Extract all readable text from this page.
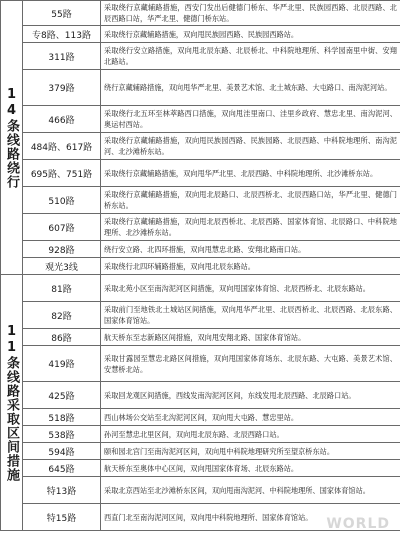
14条线路绕行	55路	采取绕行京藏辅路措施，西安门发出后健德门桥东、华严北里、民族园西路、北辰西路、北辰西路口站，华严北里、健德门桥东站。
	专8路、113路	采取绕行京藏辅路措施，双向甩民族园西路、民族园西路站。
	311路	采取绕行安立路措施，双向甩北辰东路、北辰桥北、中科院地理所、科学园南里中街、安翔北路站。
	379路	绕行京藏辅路措施，双向甩华严北里、美景艺术馆、北土城东路、大屯路口、南沟泥河站。
	466路	采取绕行北五环至林萃路西口措施，双向甩洼里南口、洼里乡政府、慧忠北里、南沟泥河、奥运村西站。
	484路、617路	采取绕行京藏辅路措施，双向甩民族园西路、民族园路、北辰西路、中科院地理所、南沟泥河、北沙滩桥东站。
	695路、751路	采取绕行京藏辅路措施，双向甩华严北里、北辰西路、中科院地理所、北沙滩桥东站。
	510路	采取绕行京藏辅路措施，双向甩北辰路口、北辰西桥北、北辰西路口站，华严北里、健德门桥东站。
	607路	采取绕行京藏辅路措施，双向甩北辰西桥北、北辰西路、国家体育馆、北辰路口、中科院地理所、北沙滩桥东站。
	928路	绕行安立路、北四环措施，双向甩慧忠北路、安翔北路南口站。
	观光3线	采取绕行北四环辅路措施，双向甩北辰东路站。
11条线路采取区间措施	81路	采取北苑小区至南沟泥河区间措施，双向甩国家体育馆、北辰西桥北、北辰东路站。
	82路	采取前门至地铁北土城站区间措施，双向甩华严北里、北辰西桥北、北辰西路、北辰东路、国家体育馆站。
	86路	航天桥东至志新路区间措施，双向甩安翔北路、国家体育馆站。
	419路	采取甘露园至慧忠北路区间措施，双向甩国家体育场东、北辰东路、大屯路、美景艺术馆、安慧桥北站。
	425路	采取回龙观区间措施，西线发南沟泥河区间，东线发甩北辰西路、北辰路口站。
	518路	西山林场公交站至北沟泥河区间，双向甩大屯路、慧忠里站。
	538路	孙河至慧忠北里区间，双向甩北辰东路、北辰西路口站。
	594路	颐和园北宫门至南沟泥河区间，双向甩中科院地理研究所至望京桥东站。
	645路	航天桥东至奥体中心区间，双向甩国家体育场、北辰东路站。
	特13路	采取北京西站至北沙滩桥东区间，双向甩南沟泥河、中科院地理所、国家体育馆站。
	特15路	西直门北至南沟泥河区间，双向甩中科院地理所、国家体育馆站。 WORLD
